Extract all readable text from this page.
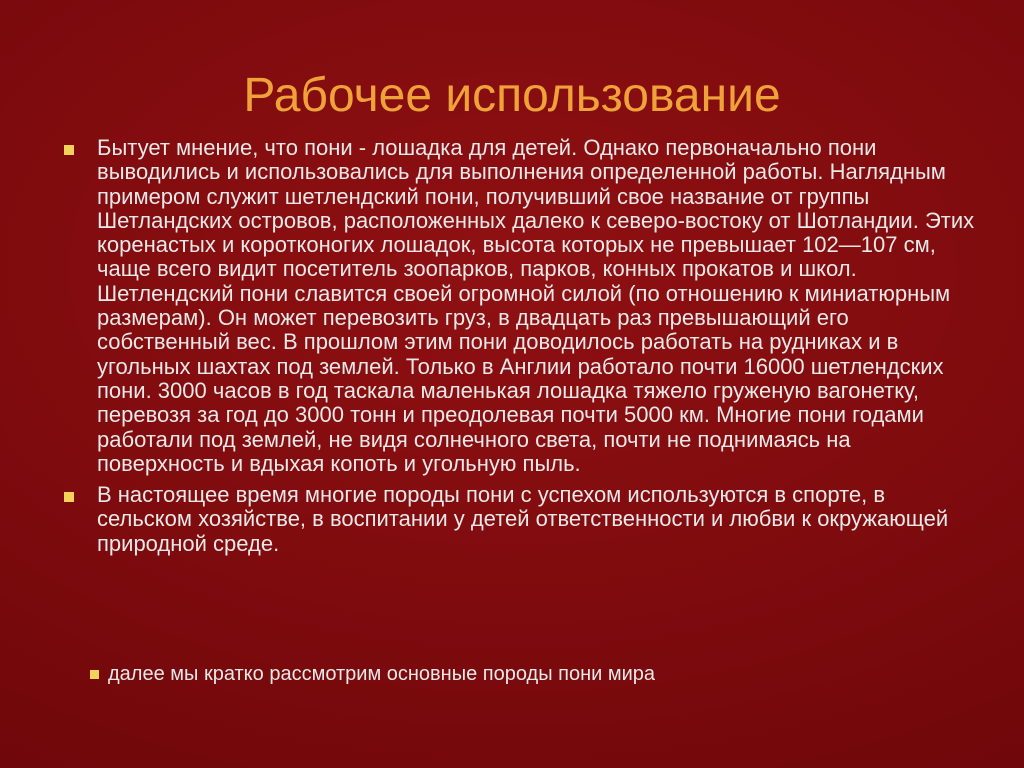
Рабочее использование
Бытует мнение, что пони - лошадка для детей. Однако первоначально пони выводились и использовались для выполнения определенной работы. Наглядным примером служит шетлендский пони, получивший свое название от группы Шетландских островов, расположенных далеко к северо-востоку от Шотландии. Этих коренастых и коротконогих лошадок, высота которых не превышает 102—107 см, чаще всего видит посетитель зоопарков, парков, конных прокатов и школ. Шетлендский пони славится своей огромной силой (по отношению к миниатюрным размерам). Он может перевозить груз, в двадцать раз превышающий его собственный вес. В прошлом этим пони доводилось работать на рудниках и в угольных шахтах под землей. Только в Англии работало почти 16000 шетлендских пони. 3000 часов в год таскала маленькая лошадка тяжело груженую вагонетку, перевозя за год до 3000 тонн и преодолевая почти 5000 км. Многие пони годами работали под землей, не видя солнечного света, почти не поднимаясь на поверхность и вдыхая копоть и угольную пыль.
В настоящее время многие породы пони с успехом используются в спорте, в сельском хозяйстве, в воспитании у детей ответственности и любви к окружающей природной среде.
далее мы кратко рассмотрим основные породы пони мира
